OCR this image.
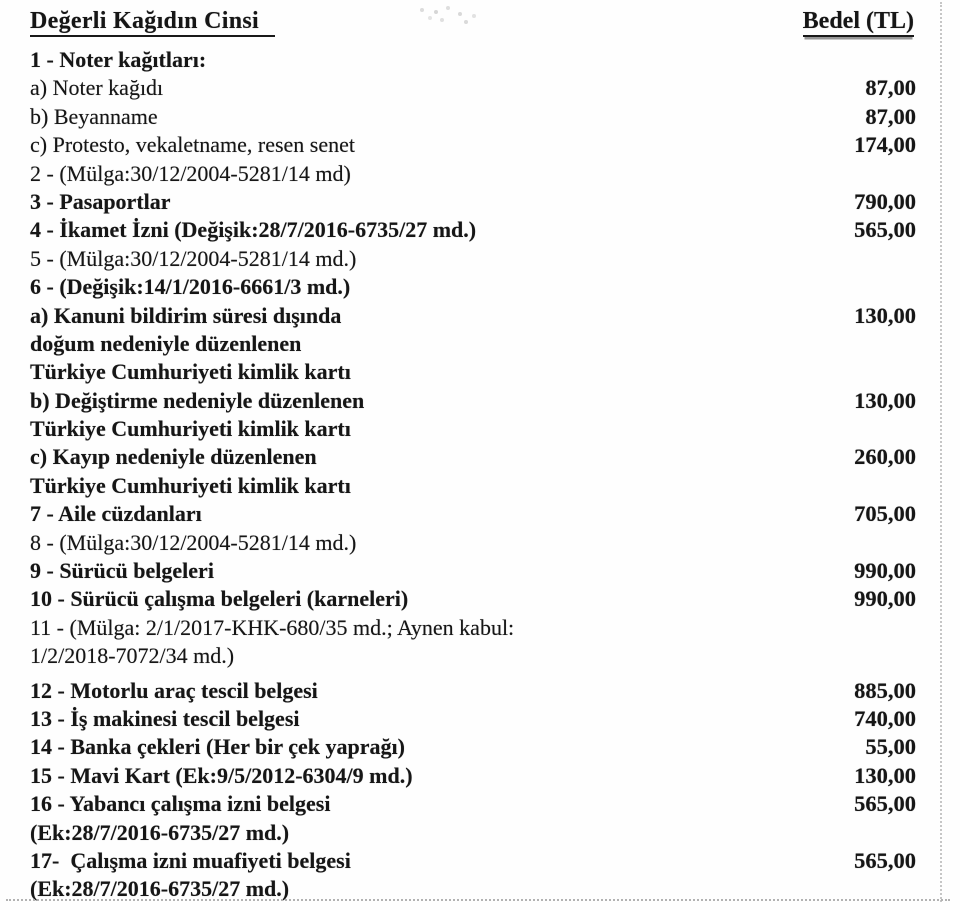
Değerli Kağıdın Cinsi	Bedel (TL)
1 - Noter kağıtları:
a) Noter kağıdı	87,00
b) Beyanname	87,00
c) Protesto, vekaletname, resen senet	174,00
2 - (Mülga:30/12/2004-5281/14 md)
3 - Pasaportlar	790,00
4 - İkamet İzni (Değişik:28/7/2016-6735/27 md.)	565,00
5 - (Mülga:30/12/2004-5281/14 md.)
6 - (Değişik:14/1/2016-6661/3 md.)
a) Kanuni bildirim süresi dışında	130,00
doğum nedeniyle düzenlenen
Türkiye Cumhuriyeti kimlik kartı
b) Değiştirme nedeniyle düzenlenen	130,00
Türkiye Cumhuriyeti kimlik kartı
c) Kayıp nedeniyle düzenlenen	260,00
Türkiye Cumhuriyeti kimlik kartı
7 - Aile cüzdanları	705,00
8 - (Mülga:30/12/2004-5281/14 md.)
9 - Sürücü belgeleri	990,00
10 - Sürücü çalışma belgeleri (karneleri)	990,00
11 - (Mülga: 2/1/2017-KHK-680/35 md.; Aynen kabul:
1/2/2018-7072/34 md.)
12 - Motorlu araç tescil belgesi	885,00
13 - İş makinesi tescil belgesi	740,00
14 - Banka çekleri (Her bir çek yaprağı)	55,00
15 - Mavi Kart (Ek:9/5/2012-6304/9 md.)	130,00
16 - Yabancı çalışma izni belgesi	565,00
(Ek:28/7/2016-6735/27 md.)
17-  Çalışma izni muafiyeti belgesi	565,00
(Ek:28/7/2016-6735/27 md.)
